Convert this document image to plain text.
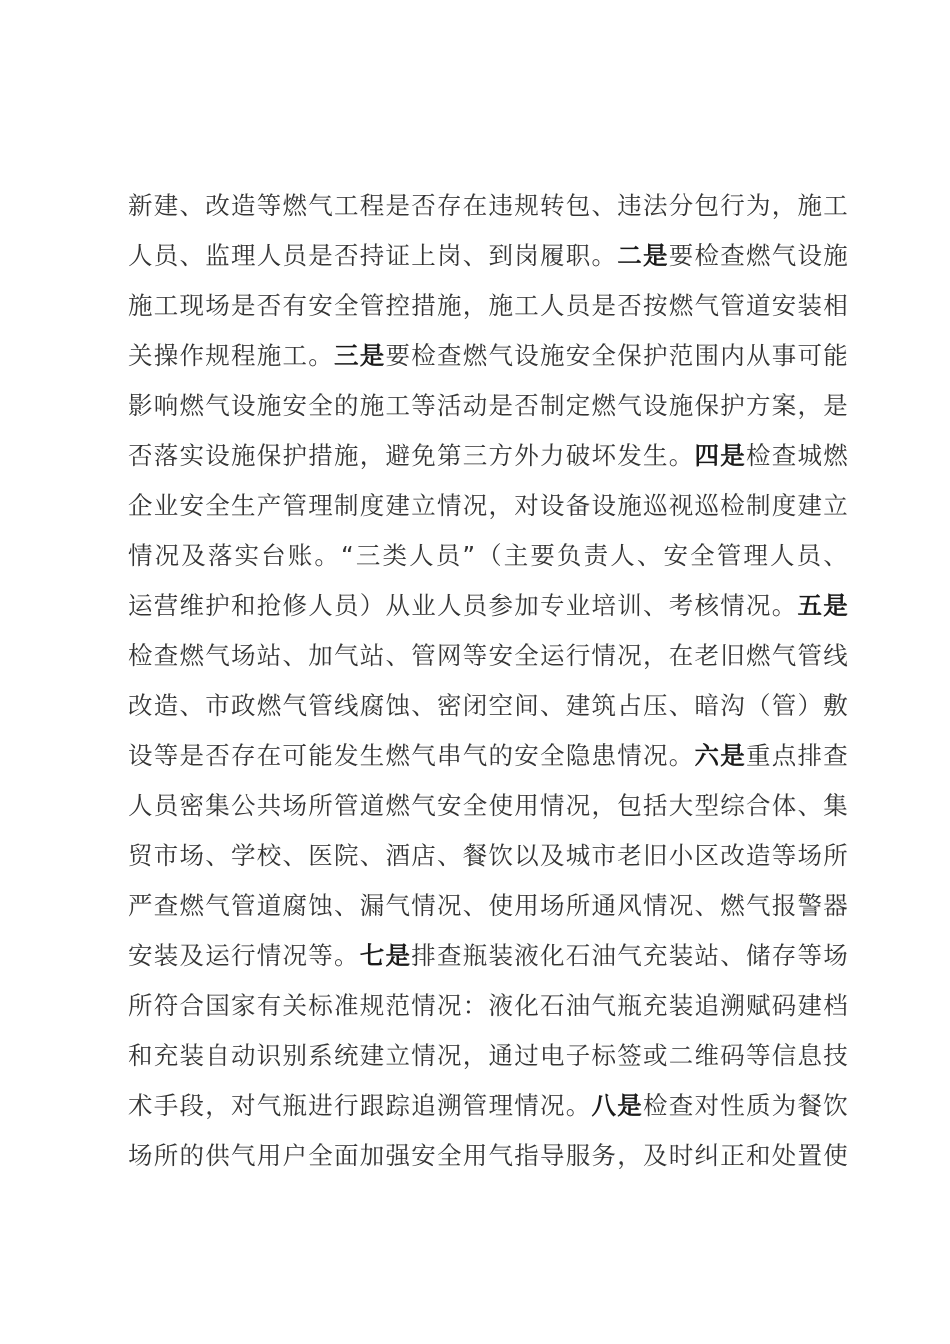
新 建 、 改 造 等 燃 气 工 程 是 否 存 在 违 规 转 包 、 违 法 分 包 行 为 ， 施 工
人 员 、 监 理 人 员 是 否 持 证 上 岗 、 到 岗 履 职 。 二 是 要 检 查 燃 气 设 施
施 工 现 场 是 否 有 安 全 管 控 措 施 ， 施 工 人 员 是 否 按 燃 气 管 道 安 装 相
关 操 作 规 程 施 工 。 三 是 要 检 查 燃 气 设 施 安 全 保 护 范 围 内 从 事 可 能
影 响 燃 气 设 施 安 全 的 施 工 等 活 动 是 否 制 定 燃 气 设 施 保 护 方 案 ， 是
否 落 实 设 施 保 护 措 施 ， 避 免 第 三 方 外 力 破 坏 发 生 。 四 是 检 查 城 燃
企 业 安 全 生 产 管 理 制 度 建 立 情 况 ， 对 设 备 设 施 巡 视 巡 检 制 度 建 立
情 况 及 落 实 台 账 。 “ 三 类 人 员 ” （ 主 要 负 责 人 、 安 全 管 理 人 员 、
运 营 维 护 和 抢 修 人 员 ） 从 业 人 员 参 加 专 业 培 训 、 考 核 情 况 。 五 是
检 查 燃 气 场 站 、 加 气 站 、 管 网 等 安 全 运 行 情 况 ， 在 老 旧 燃 气 管 线
改 造 、 市 政 燃 气 管 线 腐 蚀 、 密 闭 空 间 、 建 筑 占 压 、 暗 沟 （ 管 ） 敷
设 等 是 否 存 在 可 能 发 生 燃 气 串 气 的 安 全 隐 患 情 况 。 六 是 重 点 排 查
人 员 密 集 公 共 场 所 管 道 燃 气 安 全 使 用 情 况 ， 包 括 大 型 综 合 体 、 集
贸 市 场 、 学 校 、 医 院 、 酒 店 、 餐 饮 以 及 城 市 老 旧 小 区 改 造 等 场 所
严 查 燃 气 管 道 腐 蚀 、 漏 气 情 况 、 使 用 场 所 通 风 情 况 、 燃 气 报 警 器
安 装 及 运 行 情 况 等 。 七 是 排 查 瓶 装 液 化 石 油 气 充 装 站 、 储 存 等 场
所 符 合 国 家 有 关 标 准 规 范 情 况 ： 液 化 石 油 气 瓶 充 装 追 溯 赋 码 建 档
和 充 装 自 动 识 别 系 统 建 立 情 况 ， 通 过 电 子 标 签 或 二 维 码 等 信 息 技
术 手 段 ， 对 气 瓶 进 行 跟 踪 追 溯 管 理 情 况 。 八 是 检 查 对 性 质 为 餐 饮
场 所 的 供 气 用 户 全 面 加 强 安 全 用 气 指 导 服 务 ， 及 时 纠 正 和 处 置 使
